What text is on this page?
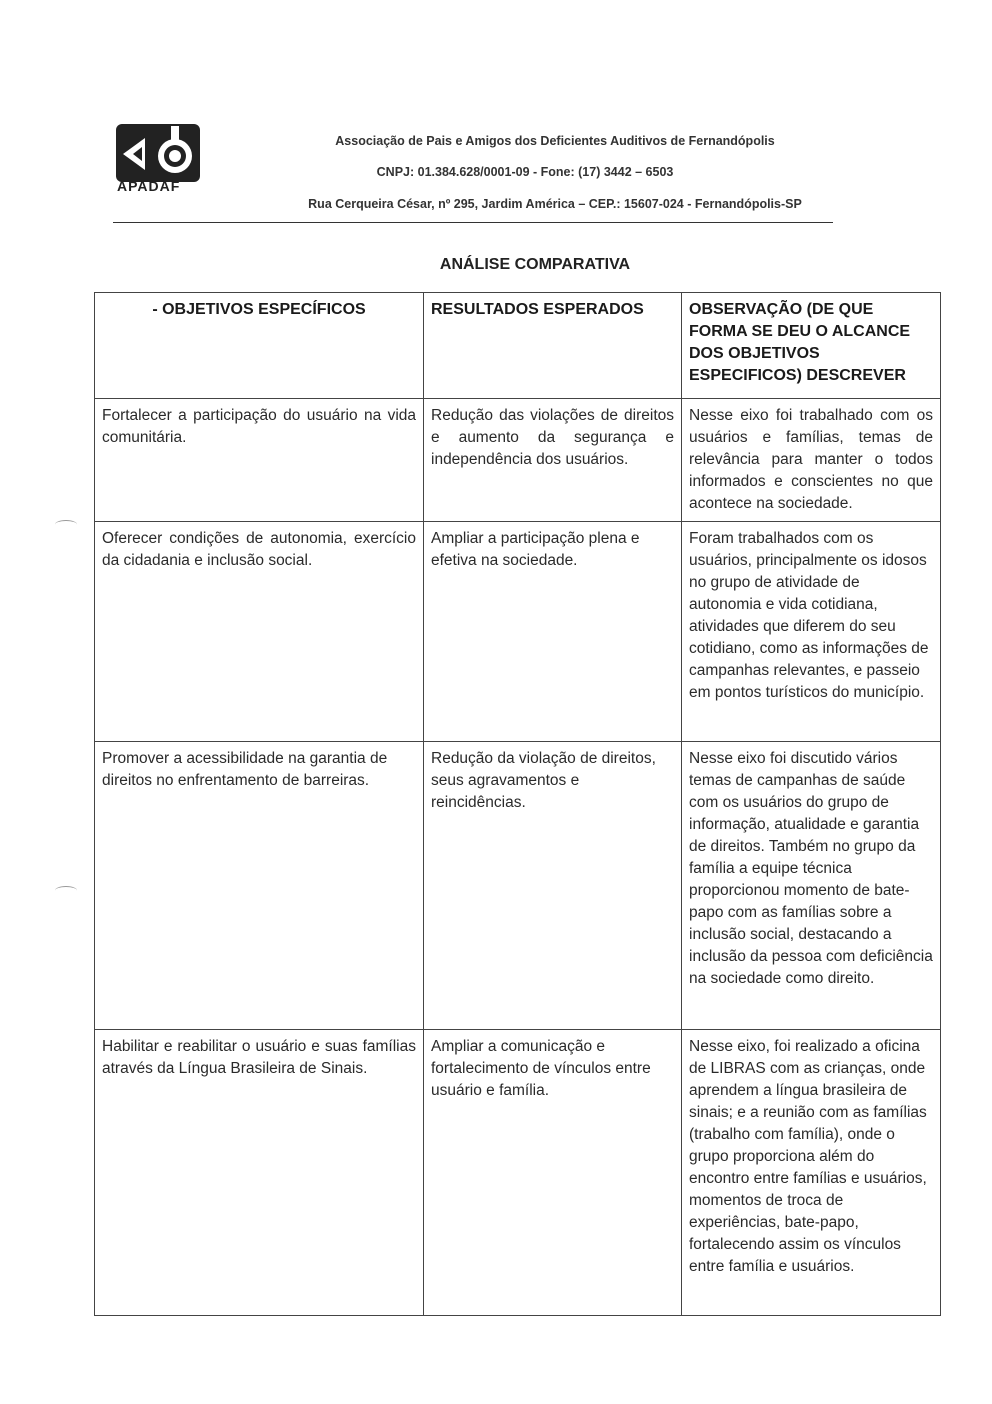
APADAF
Associação de Pais e Amigos dos Deficientes Auditivos de Fernandópolis
CNPJ: 01.384.628/0001-09 - Fone: (17) 3442 – 6503
Rua Cerqueira César, nº 295, Jardim América – CEP.: 15607-024 - Fernandópolis-SP
ANÁLISE COMPARATIVA
- OBJETIVOS ESPECÍFICOS	RESULTADOS ESPERADOS	OBSERVAÇÃO (DE QUE FORMA SE DEU O ALCANCE DOS OBJETIVOS ESPECIFICOS) DESCREVER
Fortalecer a participação do usuário na vida comunitária.	Redução das violações de direitos e aumento da segurança e independência dos usuários.	Nesse eixo foi trabalhado com os usuários e famílias, temas de relevância para manter o todos informados e conscientes no que acontece na sociedade.
Oferecer condições de autonomia, exercício da cidadania e inclusão social.	Ampliar a participação plena e efetiva na sociedade.	Foram trabalhados com os usuários, principalmente os idosos no grupo de atividade de autonomia e vida cotidiana, atividades que diferem do seu cotidiano, como as informações de campanhas relevantes, e passeio em pontos turísticos do município.
Promover a acessibilidade na garantia de direitos no enfrentamento de barreiras.	Redução da violação de direitos, seus agravamentos e reincidências.	Nesse eixo foi discutido vários temas de campanhas de saúde com os usuários do grupo de informação, atualidade e garantia de direitos. Também no grupo da família a equipe técnica proporcionou momento de bate-papo com as famílias sobre a inclusão social, destacando a inclusão da pessoa com deficiência na sociedade como direito.
Habilitar e reabilitar o usuário e suas famílias através da Língua Brasileira de Sinais.	Ampliar a comunicação e fortalecimento de vínculos entre usuário e família.	Nesse eixo, foi realizado a oficina de LIBRAS com as crianças, onde aprendem a língua brasileira de sinais; e a reunião com as famílias (trabalho com família), onde o grupo proporciona além do encontro entre famílias e usuários, momentos de troca de experiências, bate-papo, fortalecendo assim os vínculos entre família e usuários.
